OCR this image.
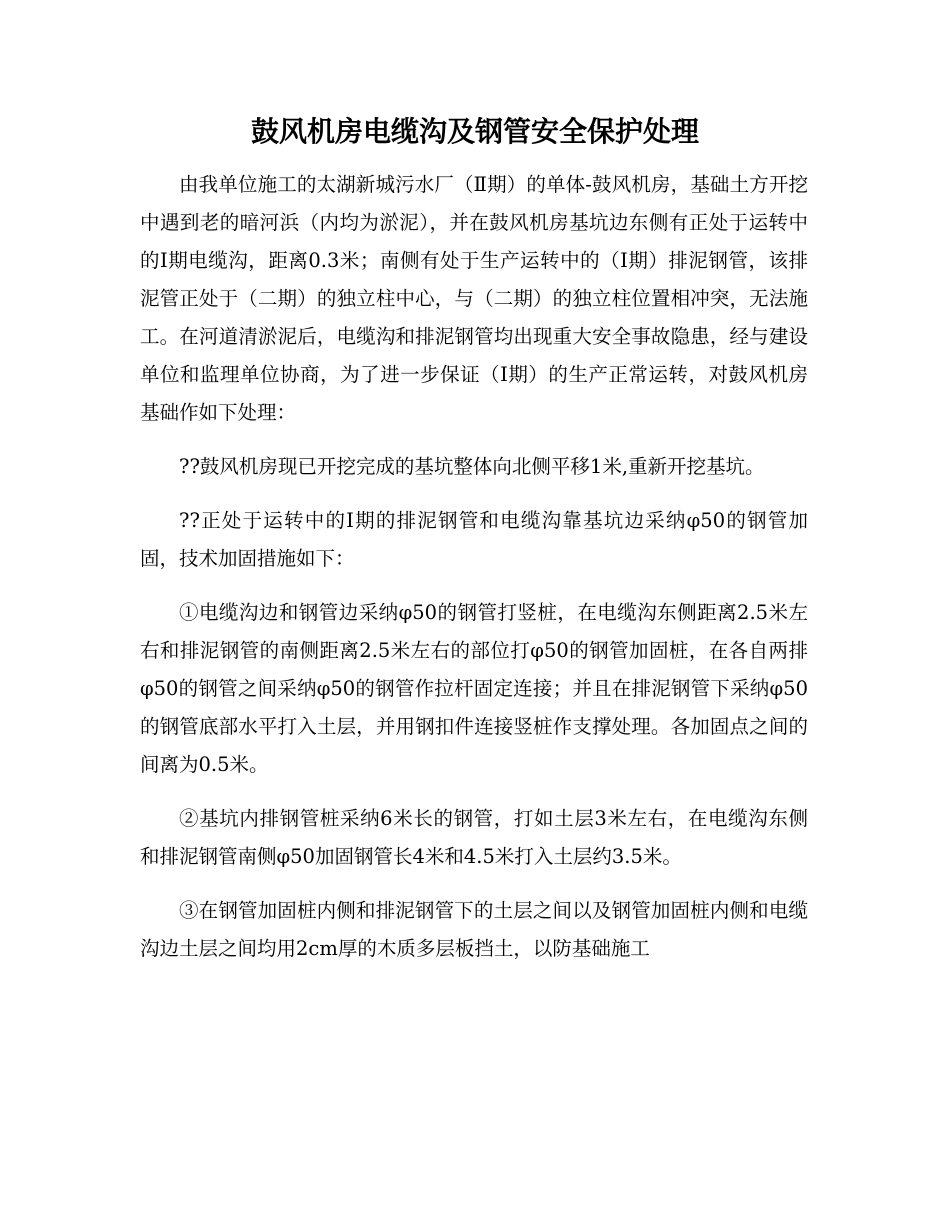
鼓风机房电缆沟及钢管安全保护处理

由我单位施工的太湖新城污水厂（Ⅱ期）的单体-鼓风机房，基础土方开挖中遇到老的暗河浜（内均为淤泥），并在鼓风机房基坑边东侧有正处于运转中的Ⅰ期电缆沟，距离0.3米；南侧有处于生产运转中的（Ⅰ期）排泥钢管，该排泥管正处于（二期）的独立柱中心，与（二期）的独立柱位置相冲突，无法施工。在河道清淤泥后，电缆沟和排泥钢管均出现重大安全事故隐患，经与建设单位和监理单位协商，为了进一步保证（Ⅰ期）的生产正常运转，对鼓风机房基础作如下处理：

??鼓风机房现已开挖完成的基坑整体向北侧平移1米,重新开挖基坑。

??正处于运转中的Ⅰ期的排泥钢管和电缆沟靠基坑边采纳φ50的钢管加固，技术加固措施如下：

①电缆沟边和钢管边采纳φ50的钢管打竖桩，在电缆沟东侧距离2.5米左右和排泥钢管的南侧距离2.5米左右的部位打φ50的钢管加固桩，在各自两排φ50的钢管之间采纳φ50的钢管作拉杆固定连接；并且在排泥钢管下采纳φ50的钢管底部水平打入土层，并用钢扣件连接竖桩作支撑处理。各加固点之间的间离为0.5米。

②基坑内排钢管桩采纳6米长的钢管，打如土层3米左右，在电缆沟东侧和排泥钢管南侧φ50加固钢管长4米和4.5米打入土层约3.5米。

③在钢管加固桩内侧和排泥钢管下的土层之间以及钢管加固桩内侧和电缆沟边土层之间均用2cm厚的木质多层板挡土，以防基础施工
